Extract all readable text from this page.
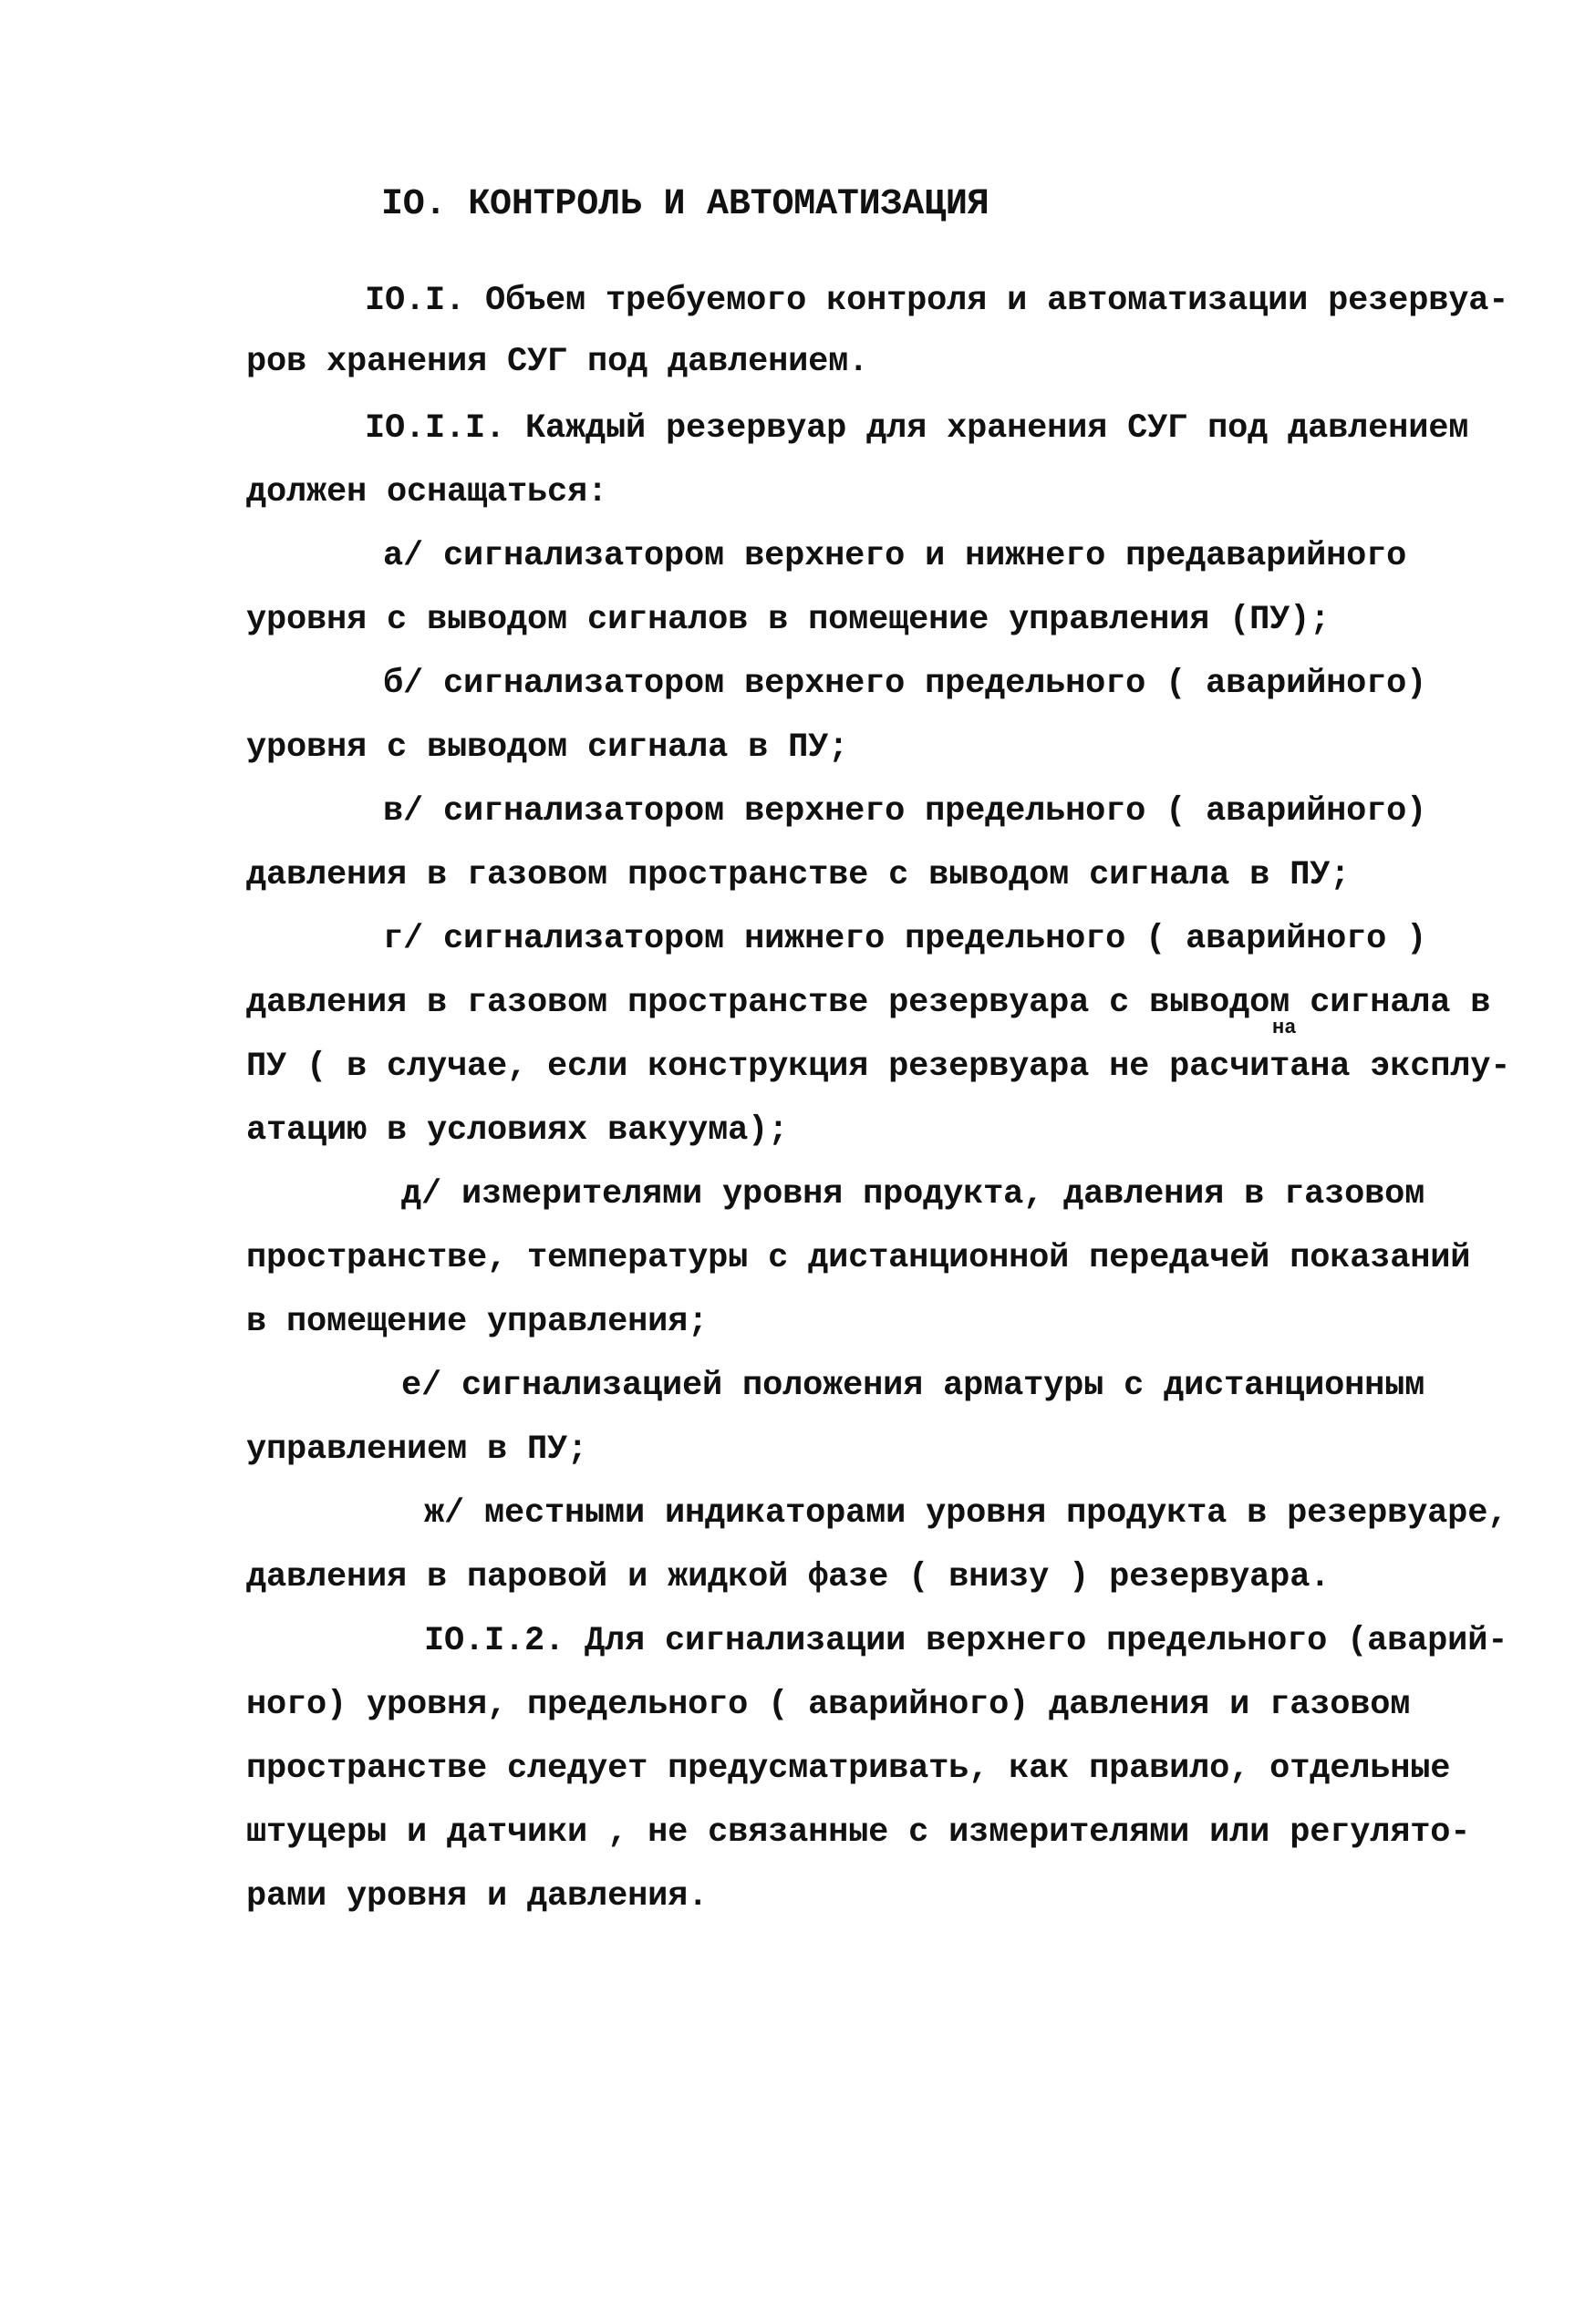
IO. КОНТРОЛЬ И АВТОМАТИЗАЦИЯ
IO.I. Объем требуемого контроля и автоматизации резервуа-
ров хранения СУГ под давлением.
IO.I.I. Каждый резервуар для хранения СУГ под давлением
должен оснащаться:
а/ сигнализатором верхнего и нижнего предаварийного
уровня с выводом сигналов в помещение управления (ПУ);
б/ сигнализатором верхнего предельного ( аварийного)
уровня с выводом сигнала в ПУ;
в/ сигнализатором верхнего предельного ( аварийного)
давления в газовом пространстве с выводом сигнала в ПУ;
г/ сигнализатором нижнего предельного ( аварийного )
давления в газовом пространстве резервуара с выводом сигнала в
на
ПУ ( в случае, если конструкция резервуара не расчитана эксплу-
атацию в условиях вакуума);
д/ измерителями уровня продукта, давления в газовом
пространстве, температуры с дистанционной передачей показаний
в помещение управления;
е/ сигнализацией положения арматуры с дистанционным
управлением в ПУ;
ж/ местными индикаторами уровня продукта в резервуаре,
давления в паровой и жидкой фазе ( внизу ) резервуара.
IO.I.2. Для сигнализации верхнего предельного (аварий-
ного) уровня, предельного ( аварийного) давления и газовом
пространстве следует предусматривать, как правило, отдельные
штуцеры и датчики , не связанные с измерителями или регулято-
рами уровня и давления.
